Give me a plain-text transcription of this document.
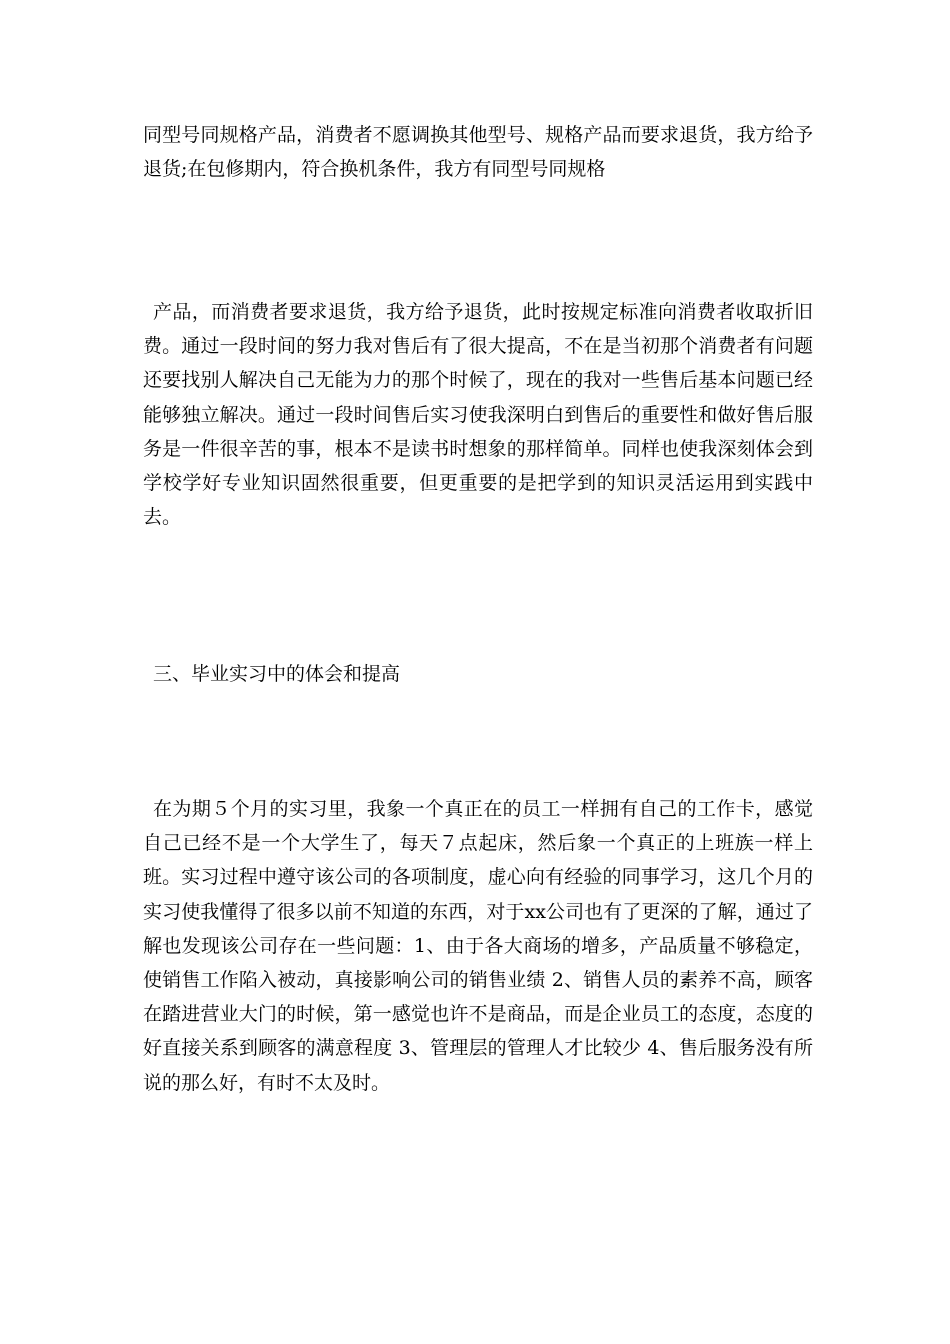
同型号同规格产品，消费者不愿调换其他型号、规格产品而要求退货，我方给予退货;在包修期内，符合换机条件，我方有同型号同规格

产品，而消费者要求退货，我方给予退货，此时按规定标准向消费者收取折旧费。通过一段时间的努力我对售后有了很大提高，不在是当初那个消费者有问题还要找别人解决自己无能为力的那个时候了，现在的我对一些售后基本问题已经能够独立解决。通过一段时间售后实习使我深明白到售后的重要性和做好售后服务是一件很辛苦的事，根本不是读书时想象的那样简单。同样也使我深刻体会到学校学好专业知识固然很重要，但更重要的是把学到的知识灵活运用到实践中去。

三、毕业实习中的体会和提高

在为期５个月的实习里，我象一个真正在的员工一样拥有自己的工作卡，感觉自己已经不是一个大学生了，每天７点起床，然后象一个真正的上班族一样上班。实习过程中遵守该公司的各项制度，虚心向有经验的同事学习，这几个月的实习使我懂得了很多以前不知道的东西，对于xx公司也有了更深的了解，通过了解也发现该公司存在一些问题：1、由于各大商场的增多，产品质量不够稳定，使销售工作陷入被动，真接影响公司的销售业绩 2、销售人员的素养不高，顾客在踏进营业大门的时候，第一感觉也许不是商品，而是企业员工的态度，态度的好直接关系到顾客的满意程度 3、管理层的管理人才比较少 4、售后服务没有所说的那么好，有时不太及时。
